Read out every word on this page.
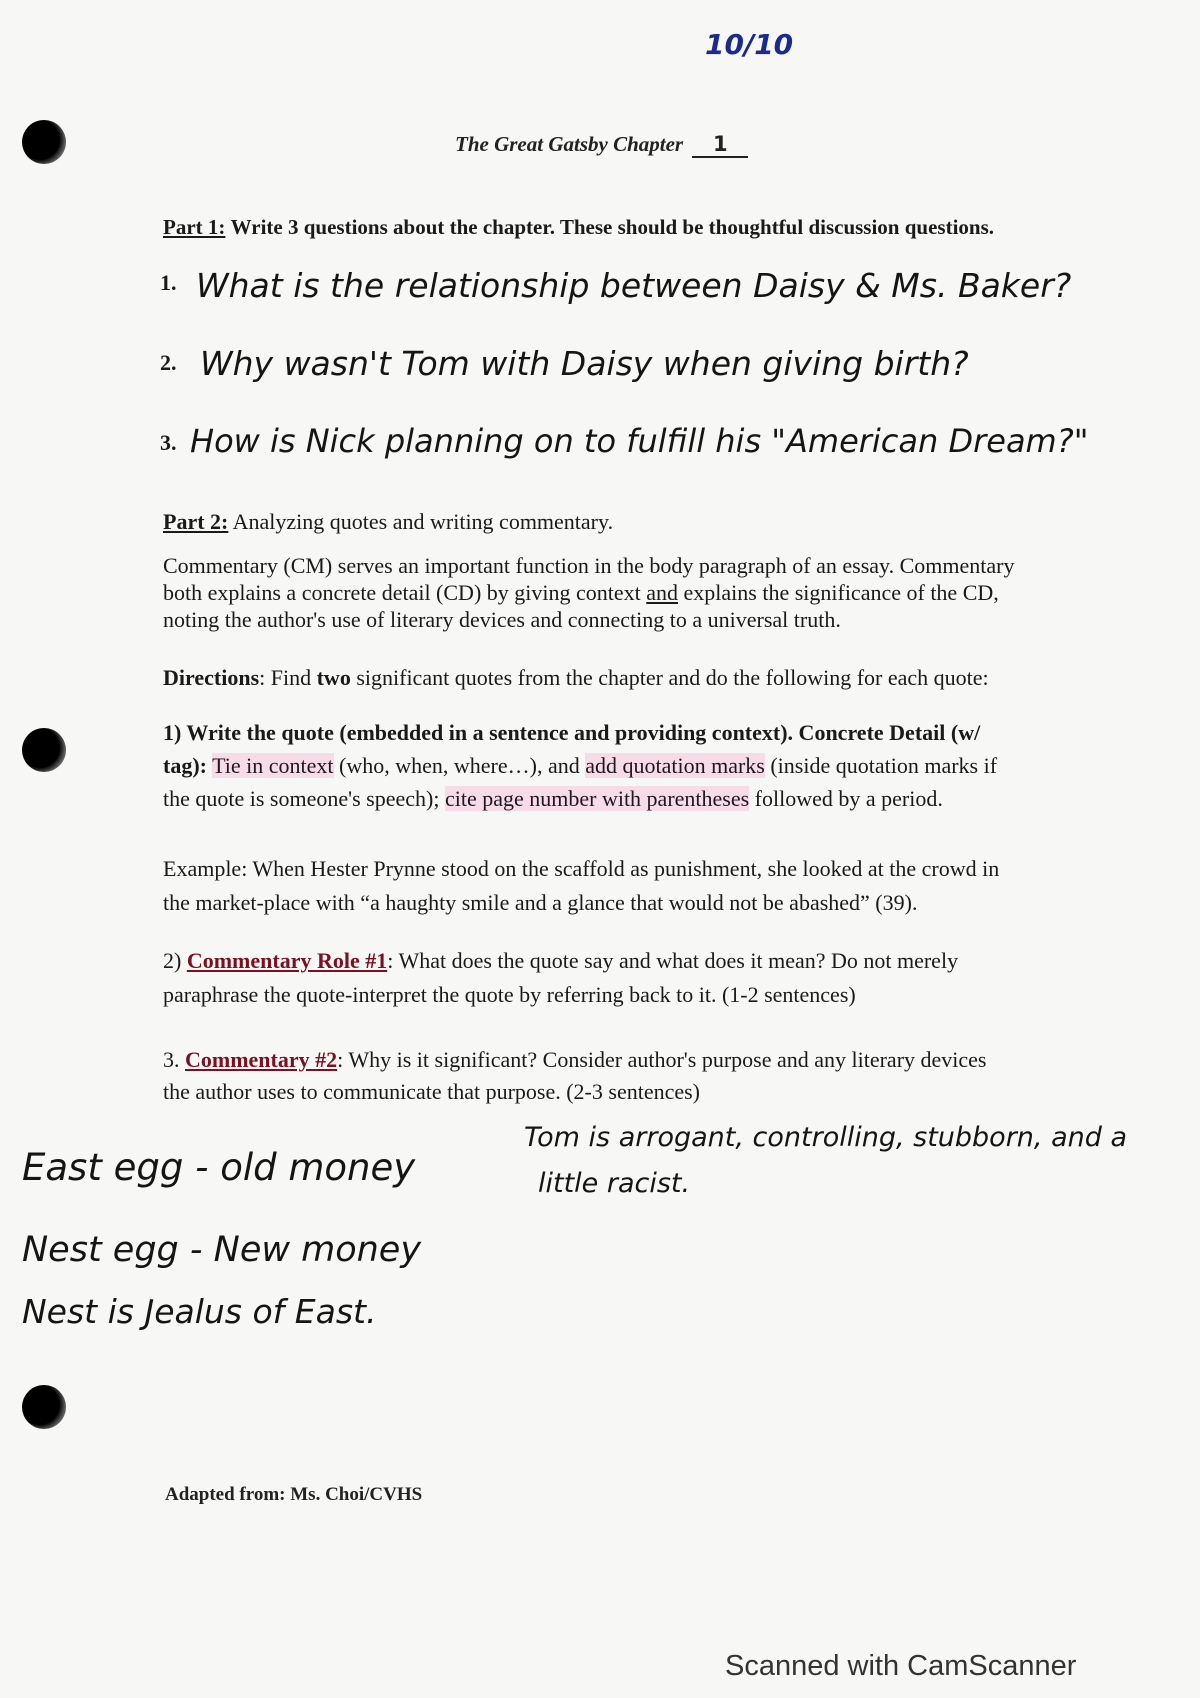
10/10
The Great Gatsby Chapter 1
Part 1: Write 3 questions about the chapter. These should be thoughtful discussion questions.
1. What is the relationship between Daisy & Ms. Baker?
2. Why wasn't Tom with Daisy when giving birth?
3. How is Nick planning on to fulfill his "American Dream?"
Part 2: Analyzing quotes and writing commentary.
Commentary (CM) serves an important function in the body paragraph of an essay. Commentary
both explains a concrete detail (CD) by giving context and explains the significance of the CD,
noting the author's use of literary devices and connecting to a universal truth.
Directions: Find two significant quotes from the chapter and do the following for each quote:
1) Write the quote (embedded in a sentence and providing context). Concrete Detail (w/
tag): Tie in context (who, when, where…), and add quotation marks (inside quotation marks if
the quote is someone's speech); cite page number with parentheses followed by a period.
Example: When Hester Prynne stood on the scaffold as punishment, she looked at the crowd in
the market-place with “a haughty smile and a glance that would not be abashed” (39).
2) Commentary Role #1: What does the quote say and what does it mean? Do not merely
paraphrase the quote-interpret the quote by referring back to it. (1-2 sentences)
3. Commentary #2: Why is it significant? Consider author's purpose and any literary devices
the author uses to communicate that purpose. (2-3 sentences)
East egg - old money
Nest egg - New money
Nest is Jealus of East.
Tom is arrogant, controlling, stubborn, and a
little racist.
Adapted from: Ms. Choi/CVHS
Scanned with CamScanner
